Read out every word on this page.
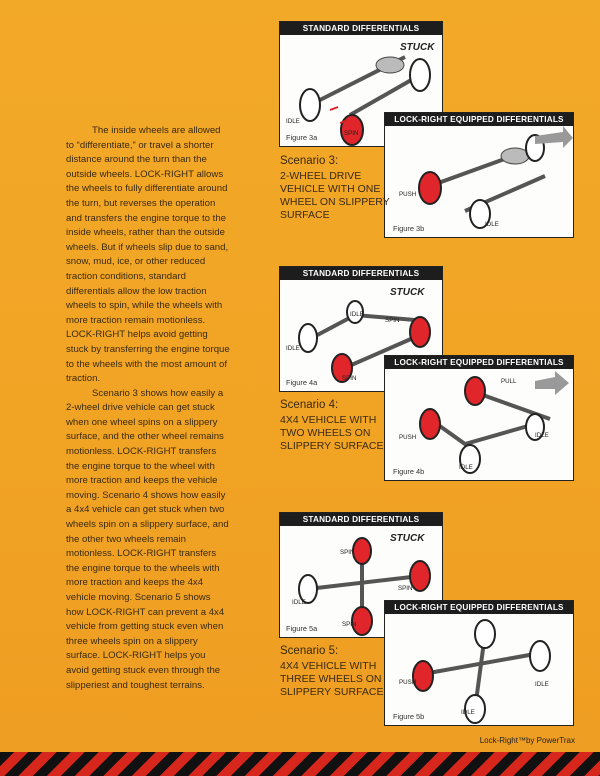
The inside wheels are allowed to “differentiate,” or travel a shorter distance around the turn than the outside wheels. LOCK-RIGHT allows the wheels to fully differentiate around the turn, but reverses the operation and transfers the engine torque to the inside wheels, rather than the outside wheels. But if wheels slip due to sand, snow, mud, ice, or other reduced traction conditions, standard differentials allow the low traction wheels to spin, while the wheels with more traction remain motionless. LOCK-RIGHT helps avoid getting stuck by transferring the engine torque to the wheels with the most amount of traction.

Scenario 3 shows how easily a 2-wheel drive vehicle can get stuck when one wheel spins on a slippery surface, and the other wheel remains motionless. LOCK-RIGHT transfers the engine torque to the wheel with more traction and keeps the vehicle moving. Scenario 4 shows how easily a 4x4 vehicle can get stuck when two wheels spin on a slippery surface, and the other two wheels remain motionless. LOCK-RIGHT transfers the engine torque to the wheels with more traction and keeps the 4x4 vehicle moving. Scenario 5 shows how LOCK-RIGHT can prevent a 4x4 vehicle from getting stuck even when three wheels spin on a slippery surface. LOCK-RIGHT helps you avoid getting stuck even through the slipperiest and toughest terrains.

STANDARD DIFFERENTIALS
STUCK
IDLE
SPIN
Figure 3a
LOCK-RIGHT EQUIPPED DIFFERENTIALS
PUSH
IDLE
Figure 3b
Scenario 3:
2-WHEEL DRIVE VEHICLE WITH ONE WHEEL ON SLIPPERY SURFACE
STANDARD DIFFERENTIALS
STUCK
IDLE
IDLE
SPIN
SPIN
Figure 4a
LOCK-RIGHT EQUIPPED DIFFERENTIALS
PULL
PUSH	IDLE
IDLE
Figure 4b
Scenario 4:
4X4 VEHICLE WITH TWO WHEELS ON SLIPPERY SURFACE
STANDARD DIFFERENTIALS
STUCK
SPIN
SPIN
IDLE
SPIN
Figure 5a
LOCK-RIGHT EQUIPPED DIFFERENTIALS
PUSH	IDLE
IDLE
Figure 5b
Scenario 5:
4X4 VEHICLE WITH THREE WHEELS ON SLIPPERY SURFACE
Lock-Right™by PowerTrax
